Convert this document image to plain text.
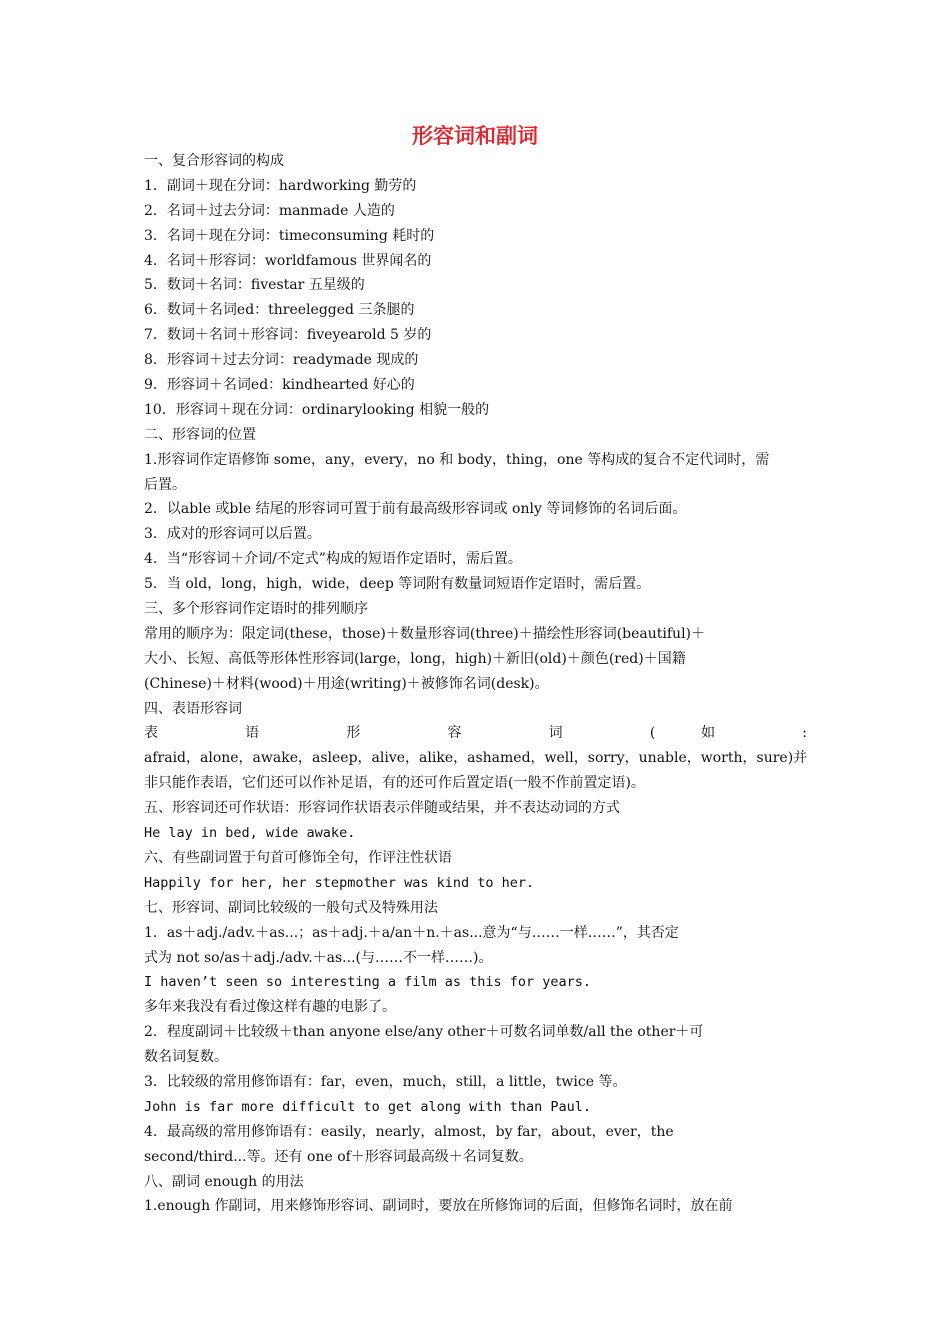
形容词和副词
一、复合形容词的构成
1．副词＋现在分词：hardworking 勤劳的
2．名词＋过去分词：manmade 人造的
3．名词＋现在分词：timeconsuming 耗时的
4．名词＋形容词：worldfamous 世界闻名的
5．数词＋名词：fivestar 五星级的
6．数词＋名词ed：threelegged 三条腿的
7．数词＋名词＋形容词：fiveyearold 5 岁的
8．形容词＋过去分词：readymade 现成的
9．形容词＋名词ed：kindhearted 好心的
10．形容词＋现在分词：ordinarylooking 相貌一般的
二、形容词的位置
1.形容词作定语修饰 some，any，every，no 和 body，thing，one 等构成的复合不定代词时，需
后置。
2．以able 或ble 结尾的形容词可置于前有最高级形容词或 only 等词修饰的名词后面。
3．成对的形容词可以后置。
4．当“形容词＋介词/不定式”构成的短语作定语时，需后置。
5．当 old，long，high，wide，deep 等词附有数量词短语作定语时，需后置。
三、多个形容词作定语时的排列顺序
常用的顺序为：限定词(these，those)＋数量形容词(three)＋描绘性形容词(beautiful)＋
大小、长短、高低等形体性形容词(large，long，high)＋新旧(old)＋颜色(red)＋国籍
(Chinese)＋材料(wood)＋用途(writing)＋被修饰名词(desk)。
四、表语形容词
表 语 形 容 词 ( 如 :
afraid，alone，awake，asleep，alive，alike，ashamed，well，sorry，unable，worth，sure)并
非只能作表语，它们还可以作补足语，有的还可作后置定语(一般不作前置定语)。
五、形容词还可作状语：形容词作状语表示伴随或结果，并不表达动词的方式
He lay in bed, wide awake.
六、有些副词置于句首可修饰全句，作评注性状语
Happily for her, her stepmother was kind to her.
七、形容词、副词比较级的一般句式及特殊用法
1．as＋adj./adv.＋as...；as＋adj.＋a/an＋n.＋as...意为“与……一样……”，其否定
式为 not so/as＋adj./adv.＋as...(与……不一样……)。
I haven’t seen so interesting a film as this for years.
多年来我没有看过像这样有趣的电影了。
2．程度副词＋比较级＋than anyone else/any other＋可数名词单数/all the other＋可
数名词复数。
3．比较级的常用修饰语有：far，even，much，still，a little，twice 等。
John is far more difficult to get along with than Paul.
4．最高级的常用修饰语有：easily，nearly，almost，by far，about，ever，the
second/third...等。还有 one of＋形容词最高级＋名词复数。
八、副词 enough 的用法
1.enough 作副词，用来修饰形容词、副词时，要放在所修饰词的后面，但修饰名词时，放在前
